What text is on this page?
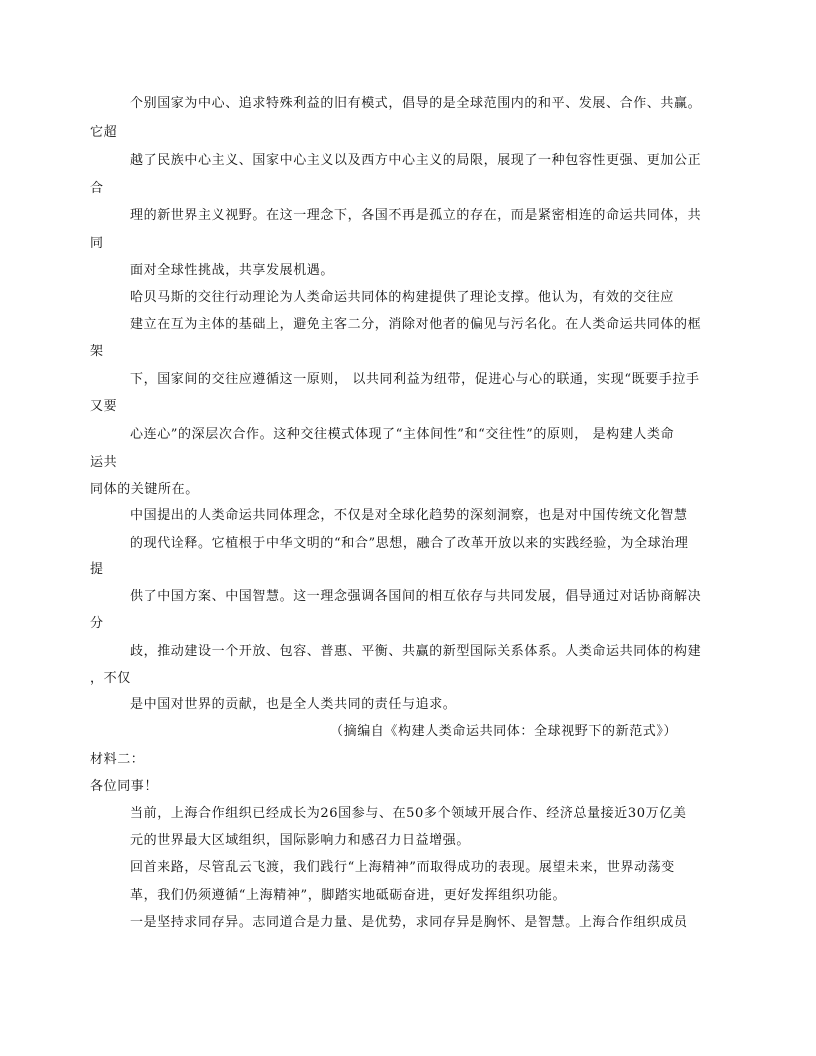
个别国家为中心、追求特殊利益的旧有模式，倡导的是全球范围内的和平、发展、合作、共赢。
它超
越了民族中心主义、国家中心主义以及西方中心主义的局限，展现了一种包容性更强、更加公正
合
理的新世界主义视野。在这一理念下，各国不再是孤立的存在，而是紧密相连的命运共同体，共
同
面对全球性挑战，共享发展机遇。
哈贝马斯的交往行动理论为人类命运共同体的构建提供了理论支撑。他认为，有效的交往应
建立在互为主体的基础上，避免主客二分，消除对他者的偏见与污名化。在人类命运共同体的框
架
下，国家间的交往应遵循这一原则， 以共同利益为纽带，促进心与心的联通，实现“既要手拉手
又要
心连心”的深层次合作。这种交往模式体现了“主体间性”和“交往性”的原则， 是构建人类命
运共
同体的关键所在。
中国提出的人类命运共同体理念，不仅是对全球化趋势的深刻洞察，也是对中国传统文化智慧
的现代诠释。它植根于中华文明的“和合”思想，融合了改革开放以来的实践经验，为全球治理
提
供了中国方案、中国智慧。这一理念强调各国间的相互依存与共同发展，倡导通过对话协商解决
分
歧，推动建设一个开放、包容、普惠、平衡、共赢的新型国际关系体系。人类命运共同体的构建
，不仅
是中国对世界的贡献，也是全人类共同的责任与追求。
（摘编自《构建人类命运共同体：全球视野下的新范式》）
材料二：
各位同事！
当前，上海合作组织已经成长为26国参与、在50多个领域开展合作、经济总量接近30万亿美
元的世界最大区域组织，国际影响力和感召力日益增强。
回首来路，尽管乱云飞渡，我们践行“上海精神”而取得成功的表现。展望未来，世界动荡变
革，我们仍须遵循“上海精神”，脚踏实地砥砺奋进，更好发挥组织功能。
一是坚持求同存异。志同道合是力量、是优势，求同存异是胸怀、是智慧。上海合作组织成员
